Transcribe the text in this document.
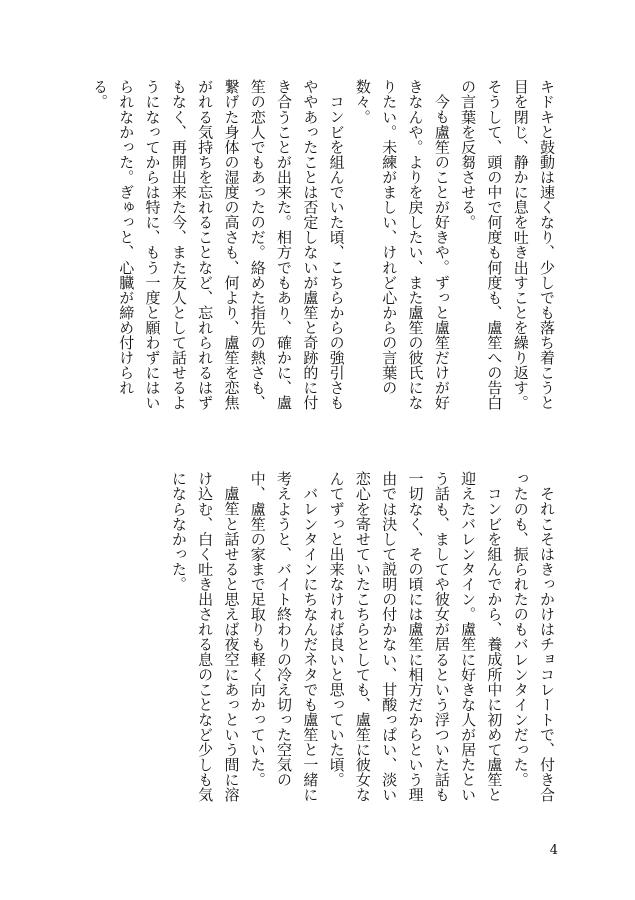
キドキと鼓動は速くなり、少しでも落ち着こうと目を閉じ、静かに息を吐き出すことを繰り返す。そうして、頭の中で何度も何度も、盧笙への告白の言葉を反芻させる。

今も盧笙のことが好きや。ずっと盧笙だけが好きなんや。よりを戻したい、また盧笙の彼氏になりたい。未練がましい、けれど心からの言葉の数々。

コンビを組んでいた頃、こちらからの強引さもややあったことは否定しないが盧笙と奇跡的に付き合うことが出来た。相方でもあり、確かに、盧笙の恋人でもあったのだ。絡めた指先の熱さも、繋げた身体の湿度の高さも、何より、盧笙を恋焦がれる気持ちを忘れることなど、忘れられるはずもなく、再開出来た今、また友人として話せるようになってからは特に、もう一度と願わずにはいられなかった。ぎゅっと、心臓が締め付けられる。

それこそはきっかけはチョコレートで、付き合ったのも、振られたのもバレンタインだった。

コンビを組んでから、養成所中に初めて盧笙と迎えたバレンタイン。盧笙に好きな人が居たという話も、ましてや彼女が居るという浮ついた話も一切なく、その頃には盧笙に相方だからという理由では決して説明の付かない、甘酸っぱい、淡い恋心を寄せていたこちらとしても、盧笙に彼女なんてずっと出来なければ良いと思っていた頃。

バレンタインにちなんだネタでも盧笙と一緒に考えようと、バイト終わりの冷え切った空気の中、盧笙の家まで足取りも軽く向かっていた。

盧笙と話せると思えば夜空にあっという間に溶け込む、白く吐き出される息のことなど少しも気にならなかった。

4
